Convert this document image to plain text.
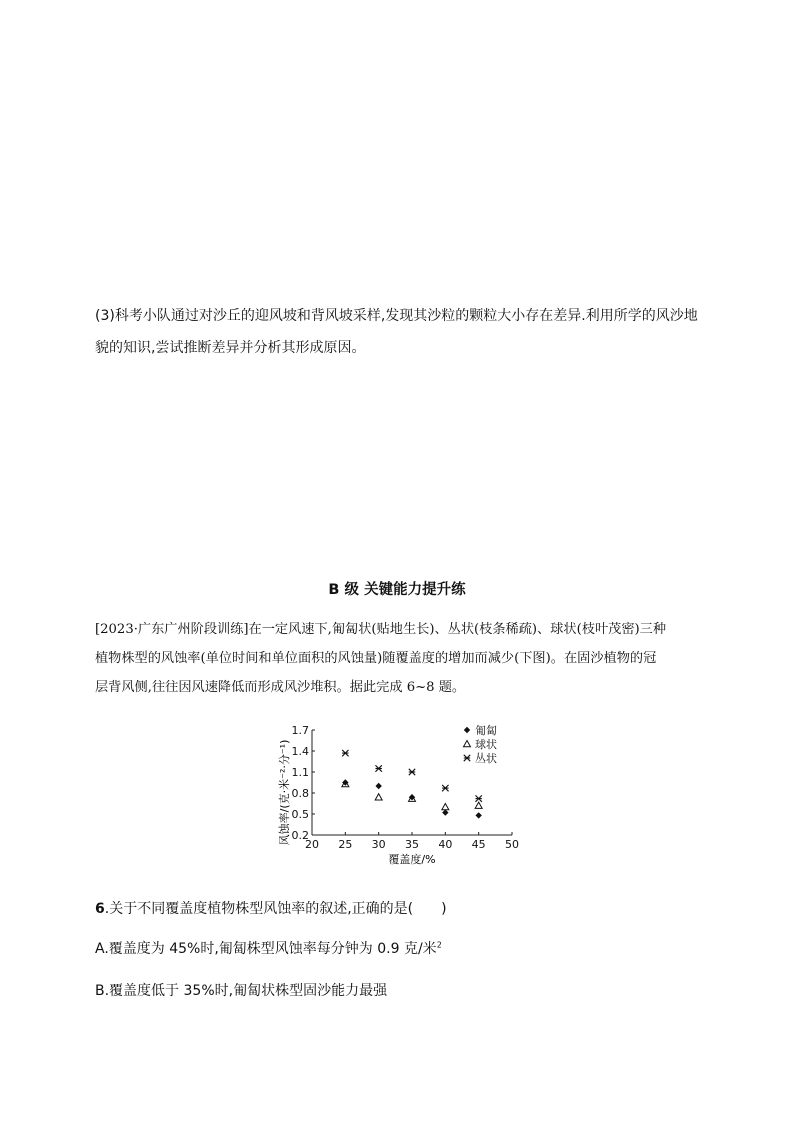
(3)科考小队通过对沙丘的迎风坡和背风坡采样,发现其沙粒的颗粒大小存在差异.利用所学的风沙地
貌的知识,尝试推断差异并分析其形成原因。

B 级 关键能力提升练

[2023·广东广州阶段训练]在一定风速下,匍匐状(贴地生长)、丛状(枝条稀疏)、球状(枝叶茂密)三种
植物株型的风蚀率(单位时间和单位面积的风蚀量)随覆盖度的增加而减少(下图)。在固沙植物的冠
层背风侧,往往因风速降低而形成风沙堆积。据此完成 6~8 题。

1.7
1.4
1.1
0.8
0.5
0.2
20 25 30 35 40 45 50
匍匐
球状
丛状
风蚀率/(克·米⁻²·分⁻¹)
覆盖度/%

6.关于不同覆盖度植物株型风蚀率的叙述,正确的是(　　)

A.覆盖度为 45%时,匍匐株型风蚀率每分钟为 0.9 克/米$^2$

B.覆盖度低于 35%时,匍匐状株型固沙能力最强
